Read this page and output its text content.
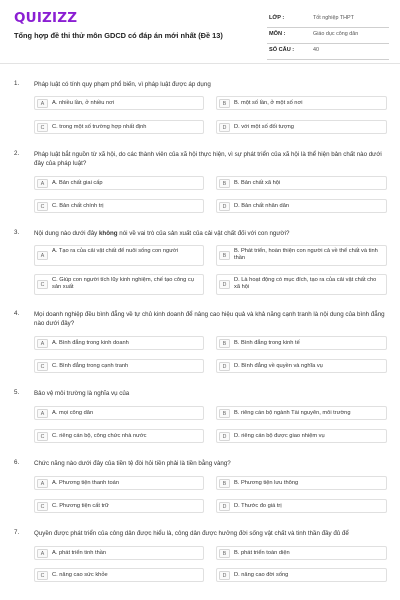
QUIZIZZ
Tổng hợp đề thi thử môn GDCD có đáp án mới nhất (Đề 13)
LỚP :	Tốt nghiệp THPT
MÔN :	Giáo dục công dân
SỐ CÂU :	40
1. Pháp luật có tính quy phạm phổ biến, vì pháp luật được áp dụng
A	A. nhiều lần, ở nhiều nơi	B	B. một số lần, ở một số nơi
C	C. trong một số trường hợp nhất định	D	D. với một số đối tượng
2. Pháp luật bắt nguồn từ xã hội, do các thành viên của xã hội thực hiện, vì sự phát triển của xã hội là thể hiện bản chất nào dưới đây của pháp luật?
A	A. Bản chất giai cấp	B	B. Bản chất xã hội
C	C. Bản chất chính trị	D	D. Bản chất nhân dân
3. Nội dung nào dưới đây không nói về vai trò của sản xuất của cải vật chất đối với con người?
A
A. Tạo ra của cải vật chất để nuôi sống con người
B
B. Phát triển, hoàn thiện con người cả về thể chất và tinh thần
C
C. Giúp con người tích lũy kinh nghiệm, chế tạo công cụ sản xuất	D
D. Là hoạt động có mục đích, tạo ra của cải vật chất cho xã hội
4. Mọi doanh nghiệp đều bình đẳng về tự chủ kinh doanh để nâng cao hiệu quả và khả năng cạnh tranh là nội dung của bình đẳng nào dưới đây?
A	A. Bình đẳng trong kinh doanh	B	B. Bình đẳng trong kinh tế
C	C. Bình đẳng trong cạnh tranh	D	D. Bình đẳng về quyền và nghĩa vụ
5. Bảo vệ môi trường là nghĩa vụ của
A	A. mọi công dân	B	B. riêng cán bộ ngành Tài nguyên, môi trường
C	C. riêng cán bộ, công chức nhà nước	D	D. riêng cán bộ được giao nhiệm vụ
6. Chức năng nào dưới đây của tiền tệ đòi hỏi tiền phải là tiền bằng vàng?
A	A. Phương tiện thanh toán	B	B. Phương tiện lưu thông
C	C. Phương tiện cất trữ	D	D. Thước đo giá trị
7. Quyền được phát triển của công dân được hiểu là, công dân được hưởng đời sống vật chất và tinh thần đầy đủ để
A	A. phát triển tinh thần	B	B. phát triển toàn diện
C	C. nâng cao sức khỏe	D	D. nâng cao đời sống
